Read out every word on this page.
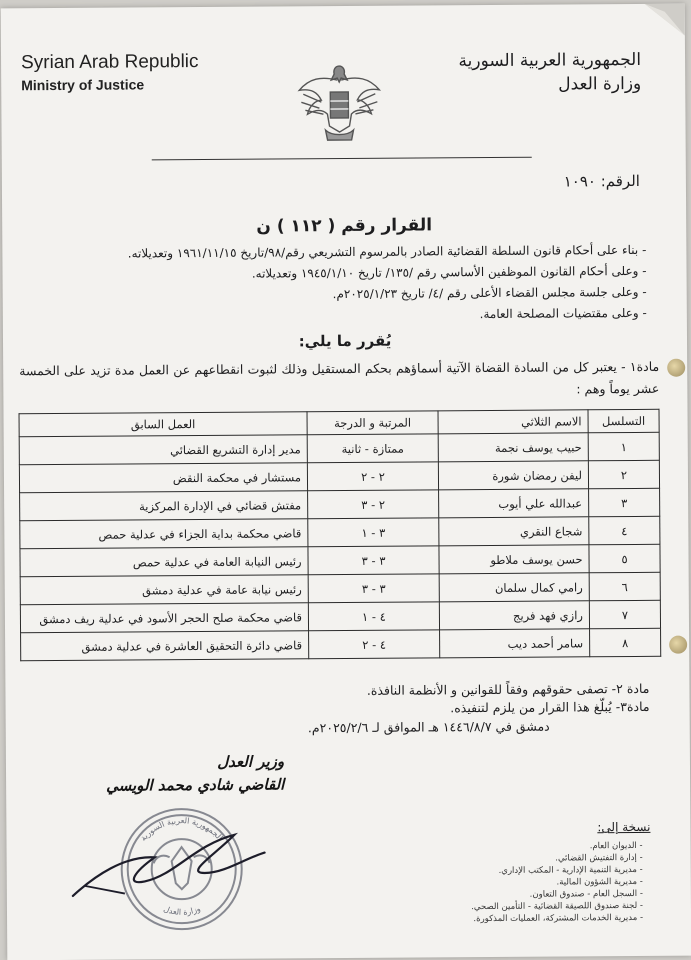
Syrian Arab Republic
Ministry of Justice
الجمهورية العربية السورية
وزارة العدل
الرقم: ١٠٩٠
القرار رقم ( ١١٢ ) ن
- بناء على أحكام قانون السلطة القضائية الصادر بالمرسوم التشريعي رقم/٩٨/تاريخ ١٩٦١/١١/١٥ وتعديلاته.
- وعلى أحكام القانون الموظفين الأساسي رقم /١٣٥/ تاريخ ١٩٤٥/١/١٠ وتعديلاته.
- وعلى جلسة مجلس القضاء الأعلى رقم /٤/ تاريخ ٢٠٢٥/١/٢٣م.
- وعلى مقتضيات المصلحة العامة.
يُقرر ما يلي:
مادة١ - يعتبر كل من السادة القضاة الآتية أسماؤهم بحكم المستقيل وذلك لثبوت انقطاعهم عن العمل مدة تزيد على الخمسة عشر يوماً وهم :
التسلسل	الاسم الثلاثي	المرتبة و الدرجة	العمل السابق
١	حبيب يوسف نجمة	ممتازة - ثانية	مدير إدارة التشريع القضائي
٢	ليفن رمضان شورة	٢ - ٢	مستشار في محكمة النقض
٣	عبدالله علي أيوب	٢ - ٣	مفتش قضائي في الإدارة المركزية
٤	شجاع النقري	٣ - ١	قاضي محكمة بداية الجزاء في عدلية حمص
٥	حسن يوسف ملاطو	٣ - ٣	رئيس النيابة العامة في عدلية حمص
٦	رامي كمال سلمان	٣ - ٣	رئيس نيابة عامة في عدلية دمشق
٧	رازي فهد فريج	٤ - ١	قاضي محكمة صلح الحجر الأسود في عدلية ريف دمشق
٨	سامر أحمد ديب	٤ - ٢	قاضي دائرة التحقيق العاشرة في عدلية دمشق
مادة ٢- تصفى حقوقهم وفقاً للقوانين و الأنظمة النافذة.
مادة٣- يُبلّغ هذا القرار من يلزم لتنفيذه.
دمشق في ١٤٤٦/٨/٧ هـ الموافق لـ ٢٠٢٥/٢/٦م.
وزير العدل
القاضي شادي محمد الويسي
الجمهورية العربية السورية
وزارة العدل
نسخة إلى:
- الديوان العام.
- إدارة التفتيش القضائي.
- مديرية التنمية الإدارية - المكتب الإداري.
- مديرية الشؤون المالية.
- السجل العام - صندوق التعاون.
- لجنة صندوق اللصيقة القضائية - التأمين الصحي.
- مديرية الخدمات المشتركة، العمليات المذكورة.
